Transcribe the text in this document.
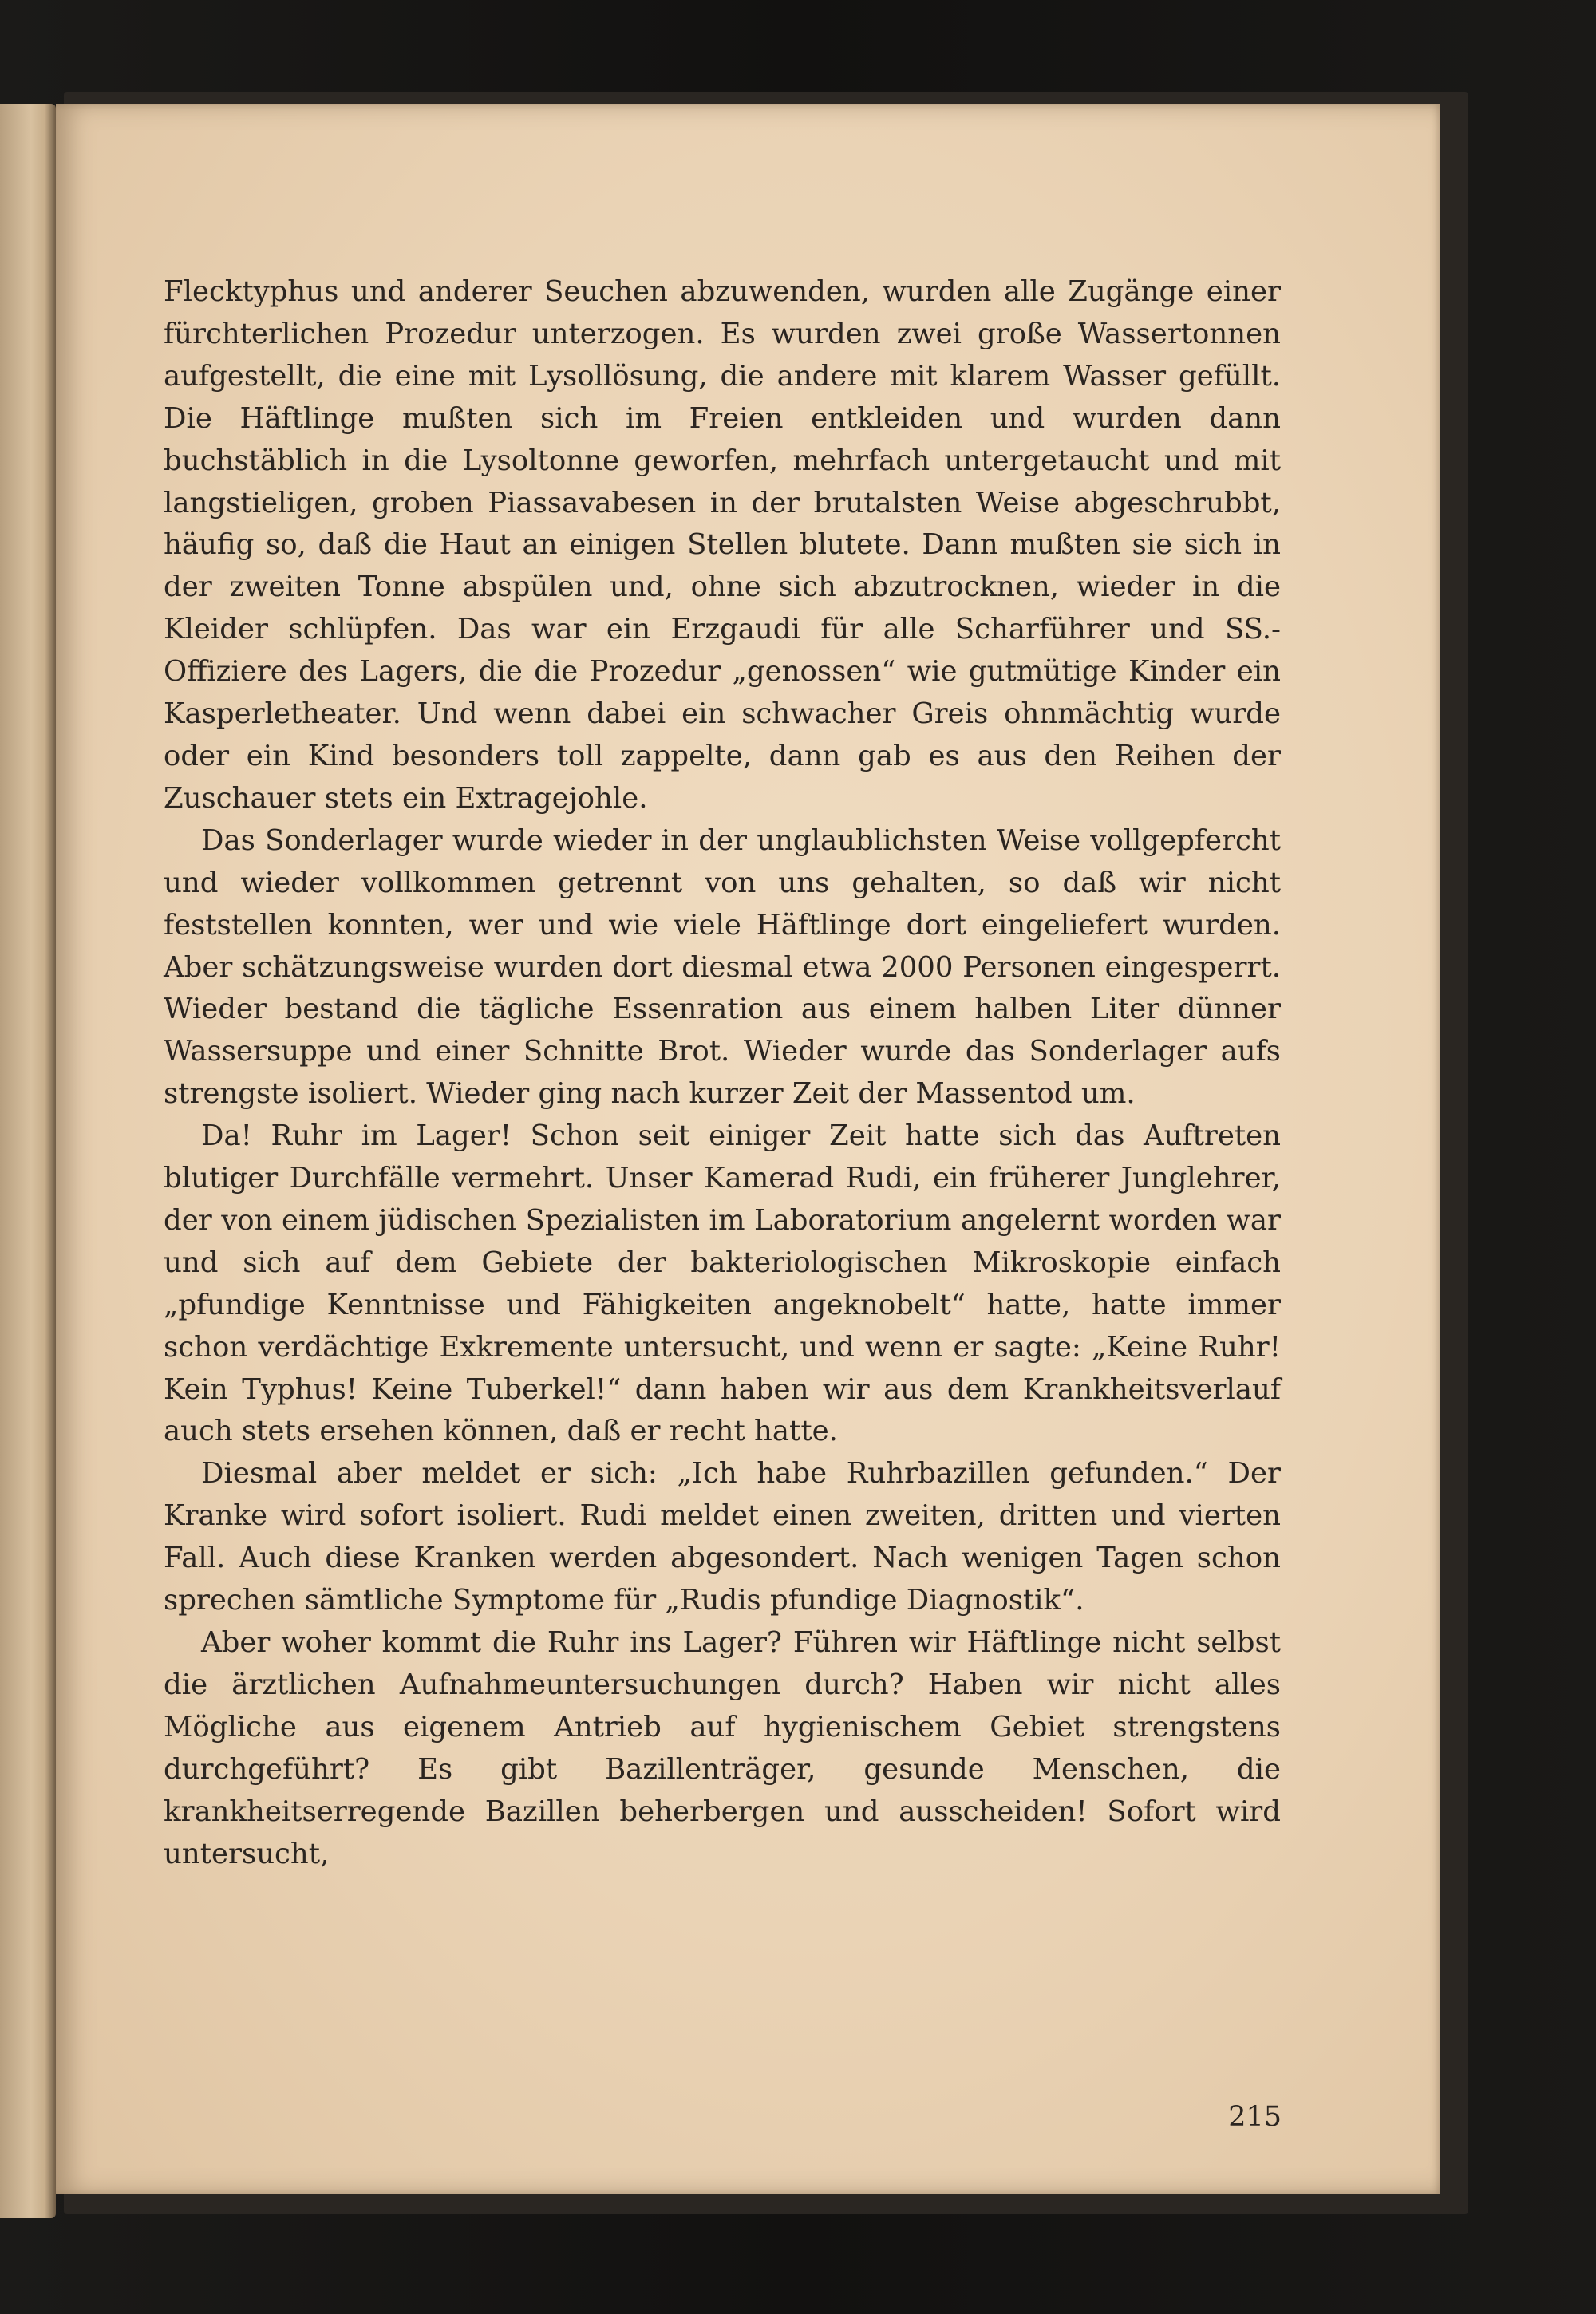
Flecktyphus und anderer Seuchen abzuwenden, wurden alle Zugänge einer fürchterlichen Prozedur unterzogen. Es wurden zwei große Wassertonnen aufgestellt, die eine mit Lysollösung, die andere mit klarem Wasser gefüllt. Die Häftlinge mußten sich im Freien entkleiden und wurden dann buchstäblich in die Lysoltonne geworfen, mehrfach untergetaucht und mit langstieligen, groben Piassavabesen in der brutalsten Weise abgeschrubbt, häufig so, daß die Haut an einigen Stellen blutete. Dann mußten sie sich in der zweiten Tonne abspülen und, ohne sich abzutrocknen, wieder in die Kleider schlüpfen. Das war ein Erzgaudi für alle Scharführer und SS.-Offiziere des Lagers, die die Prozedur „genossen“ wie gutmütige Kinder ein Kasperletheater. Und wenn dabei ein schwacher Greis ohnmächtig wurde oder ein Kind besonders toll zappelte, dann gab es aus den Reihen der Zuschauer stets ein Extragejohle.

Das Sonderlager wurde wieder in der unglaublichsten Weise vollgepfercht und wieder vollkommen getrennt von uns gehalten, so daß wir nicht feststellen konnten, wer und wie viele Häftlinge dort eingeliefert wurden. Aber schätzungsweise wurden dort diesmal etwa 2000 Personen eingesperrt. Wieder bestand die tägliche Essenration aus einem halben Liter dünner Wassersuppe und einer Schnitte Brot. Wieder wurde das Sonderlager aufs strengste isoliert. Wieder ging nach kurzer Zeit der Massentod um.

Da! Ruhr im Lager! Schon seit einiger Zeit hatte sich das Auftreten blutiger Durchfälle vermehrt. Unser Kamerad Rudi, ein früherer Junglehrer, der von einem jüdischen Spezialisten im Laboratorium angelernt worden war und sich auf dem Gebiete der bakteriologischen Mikroskopie einfach „pfundige Kenntnisse und Fähigkeiten angeknobelt“ hatte, hatte immer schon verdächtige Exkremente untersucht, und wenn er sagte: „Keine Ruhr! Kein Typhus! Keine Tuberkel!“ dann haben wir aus dem Krankheitsverlauf auch stets ersehen können, daß er recht hatte.

Diesmal aber meldet er sich: „Ich habe Ruhrbazillen gefunden.“ Der Kranke wird sofort isoliert. Rudi meldet einen zweiten, dritten und vierten Fall. Auch diese Kranken werden abgesondert. Nach wenigen Tagen schon sprechen sämtliche Symptome für „Rudis pfundige Diagnostik“.

Aber woher kommt die Ruhr ins Lager? Führen wir Häftlinge nicht selbst die ärztlichen Aufnahmeuntersuchungen durch? Haben wir nicht alles Mögliche aus eigenem Antrieb auf hygienischem Gebiet strengstens durchgeführt? Es gibt Bazillenträger, gesunde Menschen, die krankheitserregende Bazillen beherbergen und ausscheiden! Sofort wird untersucht,

215
